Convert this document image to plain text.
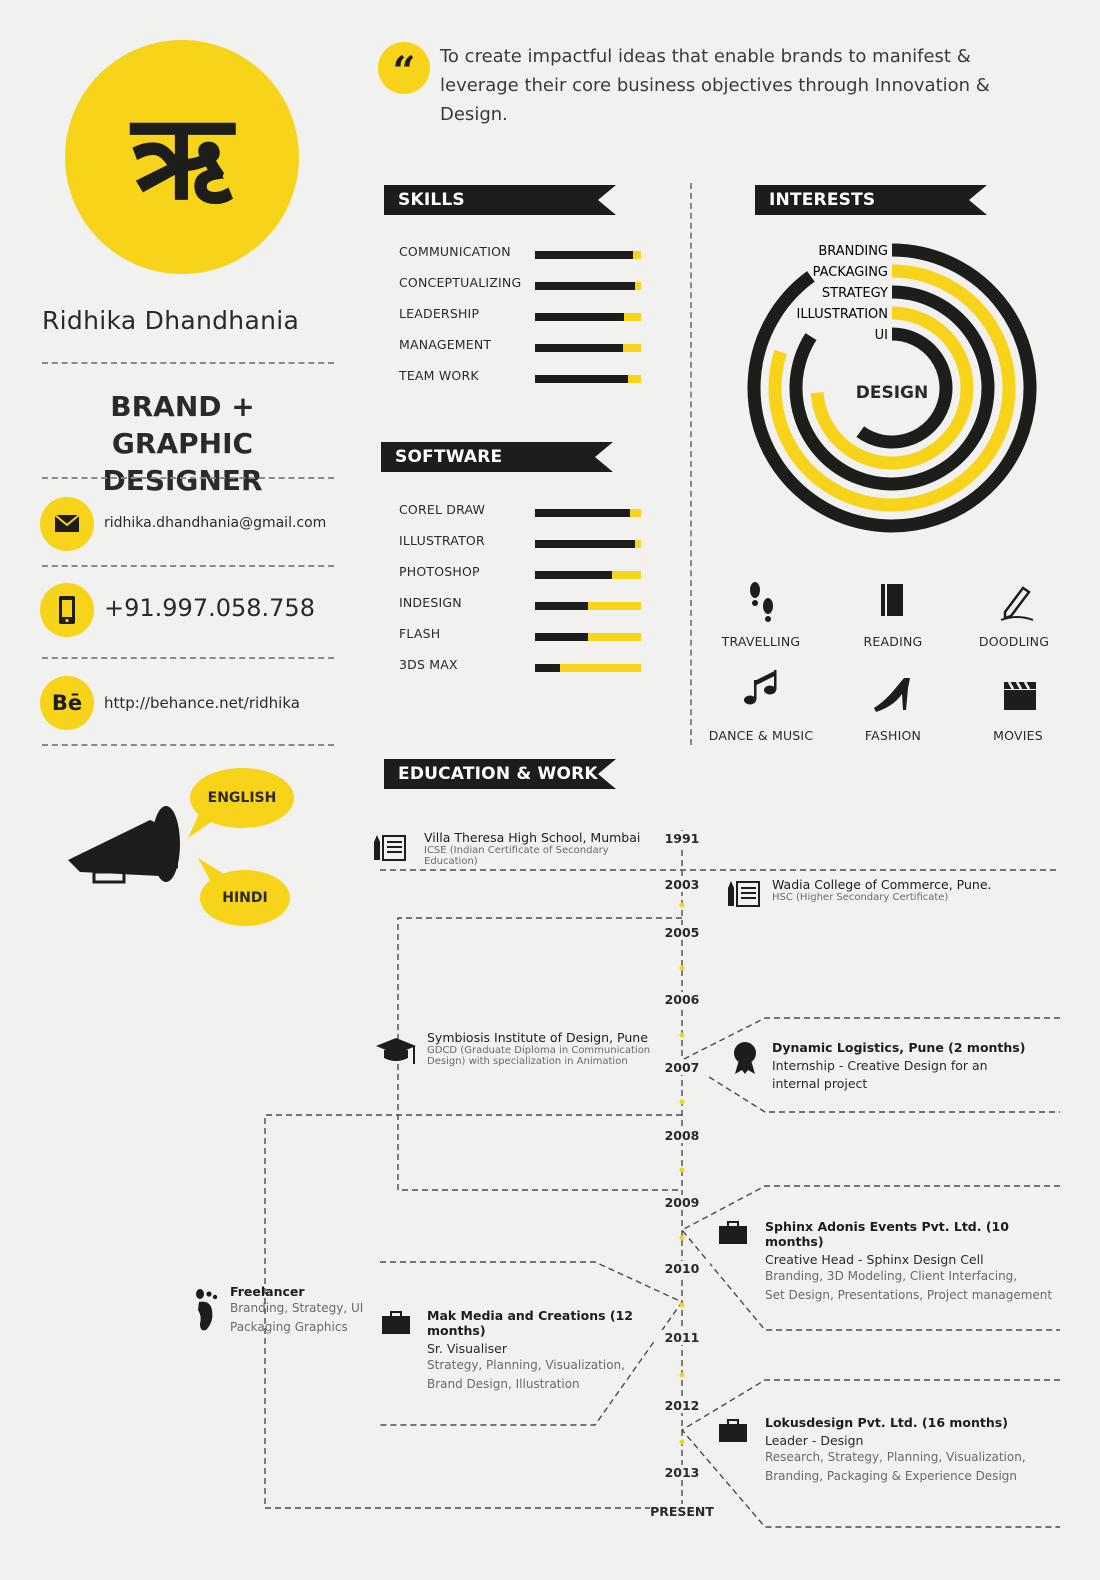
ऋ
Ridhika Dhandhania
BRAND + GRAPHIC
DESIGNER
ridhika.dhandhania@gmail.com
+91.997.058.758
Bē	http://behance.net/ridhika
ENGLISH
HINDI
“	To create impactful ideas that enable brands to manifest & leverage their core business objectives through Innovation & Design.
SKILLS
COMMUNICATION
CONCEPTUALIZING
LEADERSHIP
MANAGEMENT
TEAM WORK
SOFTWARE
COREL DRAW
ILLUSTRATOR
PHOTOSHOP
INDESIGN
FLASH
3DS MAX
INTERESTS
BRANDING
PACKAGING
STRATEGY
ILLUSTRATION
UI
DESIGN
TRAVELLING	READING	DOODLING
DANCE & MUSIC	FASHION	MOVIES
EDUCATION & WORK
1991
2003
2005
2006
2007
2008
2009
2010
2011
2012
2013
PRESENT
Villa Theresa High School, Mumbai
ICSE (Indian Certificate of Secondary Education)
Wadia College of Commerce, Pune.
HSC (Higher Secondary Certificate)
Symbiosis Institute of Design, Pune
GDCD (Graduate Diploma in Communication
Design) with specialization in Animation
Dynamic Logistics, Pune (2 months)
Internship - Creative Design for an
internal project
Sphinx Adonis Events Pvt. Ltd. (10 months)
Creative Head - Sphinx Design Cell
Branding, 3D Modeling, Client Interfacing,
Set Design, Presentations, Project management
Freelancer
Branding, Strategy, UI
Packaging Graphics
Mak Media and Creations (12 months)
Sr. Visualiser
Strategy, Planning, Visualization,
Brand Design, Illustration
Lokusdesign Pvt. Ltd. (16 months)
Leader - Design
Research, Strategy, Planning, Visualization,
Branding, Packaging & Experience Design
